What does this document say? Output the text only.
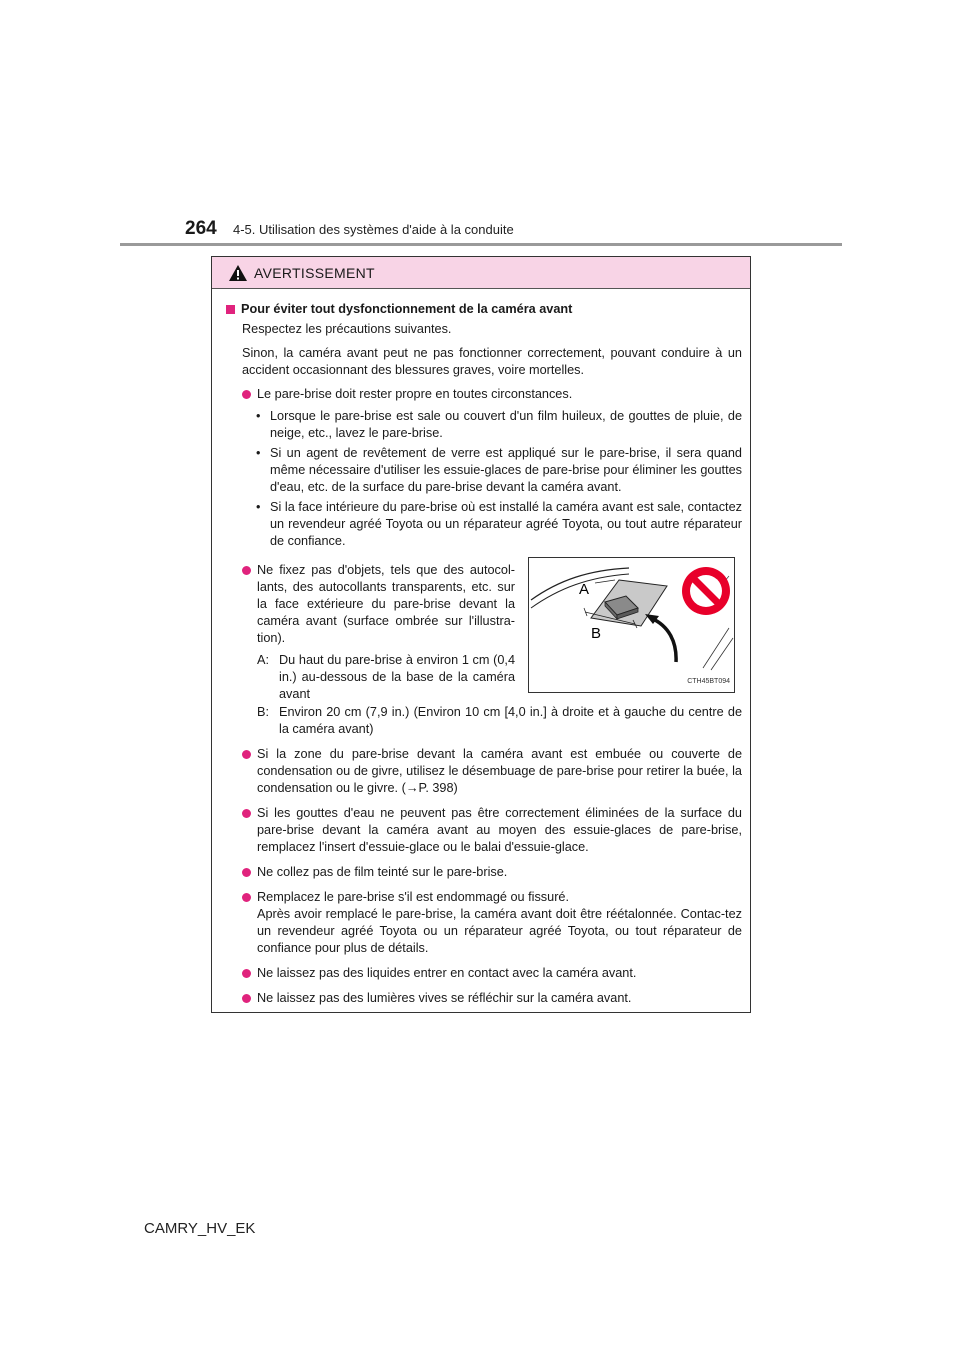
264 4-5. Utilisation des systèmes d'aide à la conduite
AVERTISSEMENT
Pour éviter tout dysfonctionnement de la caméra avant

Respectez les précautions suivantes.

Sinon, la caméra avant peut ne pas fonctionner correctement, pouvant conduire à un accident occasionnant des blessures graves, voire mortelles.

Le pare-brise doit rester propre en toutes circonstances.
• Lorsque le pare-brise est sale ou couvert d'un film huileux, de gouttes de pluie, de neige, etc., lavez le pare-brise.
• Si un agent de revêtement de verre est appliqué sur le pare-brise, il sera quand même nécessaire d'utiliser les essuie-glaces de pare-brise pour éliminer les gouttes d'eau, etc. de la surface du pare-brise devant la caméra avant.
• Si la face intérieure du pare-brise où est installé la caméra avant est sale, contactez un revendeur agréé Toyota ou un réparateur agréé Toyota, ou tout autre réparateur de confiance.
Ne fixez pas d'objets, tels que des autocol-lants, des autocollants transparents, etc. sur la face extérieure du pare-brise devant la caméra avant (surface ombrée sur l'illustra-tion).
A: Du haut du pare-brise à environ 1 cm (0,4 in.) au-dessous de la base de la caméra avant
A
B
CTH45BT094
B: Environ 20 cm (7,9 in.) (Environ 10 cm [4,0 in.] à droite et à gauche du centre de la caméra avant)
Si la zone du pare-brise devant la caméra avant est embuée ou couverte de condensation ou de givre, utilisez le désembuage de pare-brise pour retirer la buée, la condensation ou le givre. (→P. 398)
Si les gouttes d'eau ne peuvent pas être correctement éliminées de la surface du pare-brise devant la caméra avant au moyen des essuie-glaces de pare-brise, remplacez l'insert d'essuie-glace ou le balai d'essuie-glace.
Ne collez pas de film teinté sur le pare-brise.
Remplacez le pare-brise s'il est endommagé ou fissuré.
Après avoir remplacé le pare-brise, la caméra avant doit être réétalonnée. Contac-tez un revendeur agréé Toyota ou un réparateur agréé Toyota, ou tout réparateur de confiance pour plus de détails.
Ne laissez pas des liquides entrer en contact avec la caméra avant.
Ne laissez pas des lumières vives se réfléchir sur la caméra avant.
CAMRY_HV_EK
